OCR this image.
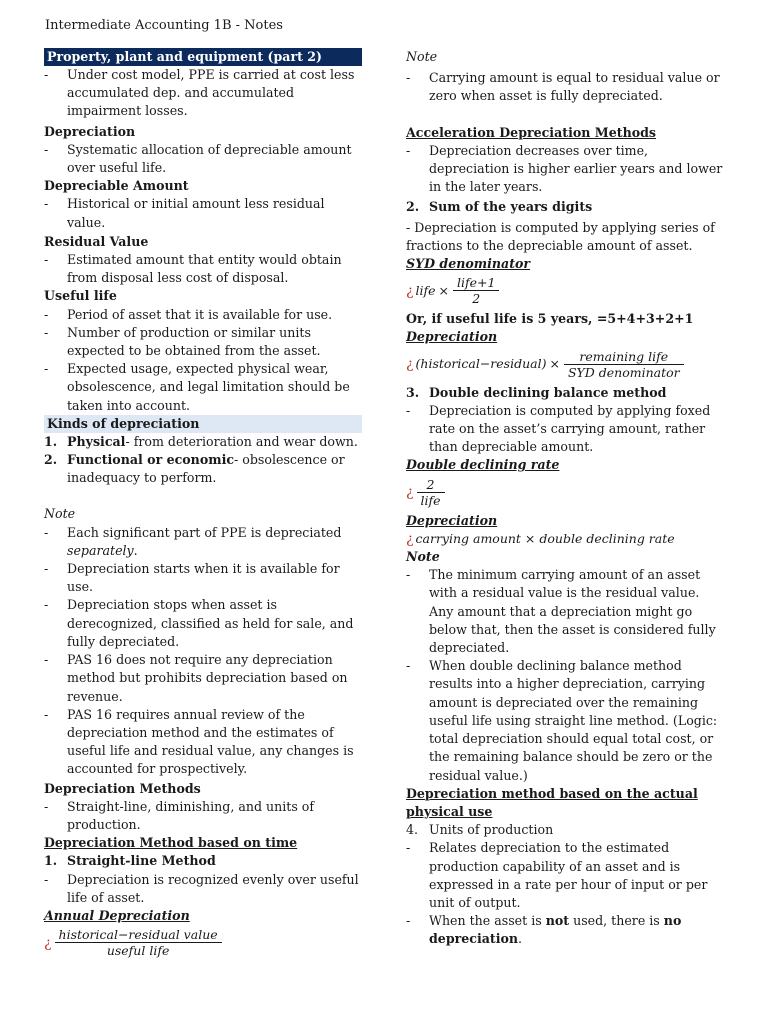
Intermediate Accounting 1B - Notes
Property, plant and equipment (part 2)
- Under cost model, PPE is carried at cost less accumulated dep. and accumulated impairment losses.
Depreciation
- Systematic allocation of depreciable amount over useful life.
Depreciable Amount
- Historical or initial amount less residual value.
Residual Value
- Estimated amount that entity would obtain from disposal less cost of disposal.
Useful life
- Period of asset that it is available for use.
- Number of production or similar units expected to be obtained from the asset.
- Expected usage, expected physical wear, obsolescence, and legal limitation should be taken into account.
Kinds of depreciation
1. Physical- from deterioration and wear down.
2. Functional or economic- obsolescence or inadequacy to perform.
Note
- Each significant part of PPE is depreciated separately.
- Depreciation starts when it is available for use.
- Depreciation stops when asset is derecognized, classified as held for sale, and fully depreciated.
- PAS 16 does not require any depreciation method but prohibits depreciation based on revenue.
- PAS 16 requires annual review of the depreciation method and the estimates of useful life and residual value, any changes is accounted for prospectively.
Depreciation Methods
- Straight-line, diminishing, and units of production.
Depreciation Method based on time
1. Straight-line Method
- Depreciation is recognized evenly over useful life of asset.
Annual Depreciation
¿ $\frac{\text{historical−residual value}}{\text{useful life}}$
Note
- Carrying amount is equal to residual value or zero when asset is fully depreciated.
Acceleration Depreciation Methods
- Depreciation decreases over time, depreciation is higher earlier years and lower in the later years.
2. Sum of the years digits
- Depreciation is computed by applying series of fractions to the depreciable amount of asset.
SYD denominator
¿ life × $\frac{\text{life+1}}{2}$
Or, if useful life is 5 years, =5+4+3+2+1
Depreciation
¿ (historical−residual) × $\frac{\text{remaining life}}{\text{SYD denominator}}$
3. Double declining balance method
- Depreciation is computed by applying foxed rate on the asset’s carrying amount, rather than depreciable amount.
Double declining rate
¿ $\frac{2}{\text{life}}$
Depreciation
¿ carrying amount × double declining rate
Note
- The minimum carrying amount of an asset with a residual value is the residual value. Any amount that a depreciation might go below that, then the asset is considered fully depreciated.
- When double declining balance method results into a higher depreciation, carrying amount is depreciated over the remaining useful life using straight line method. (Logic: total depreciation should equal total cost, or the remaining balance should be zero or the residual value.)
Depreciation method based on the actual physical use
4. Units of production
- Relates depreciation to the estimated production capability of an asset and is expressed in a rate per hour of input or per unit of output.
- When the asset is not used, there is no depreciation.
